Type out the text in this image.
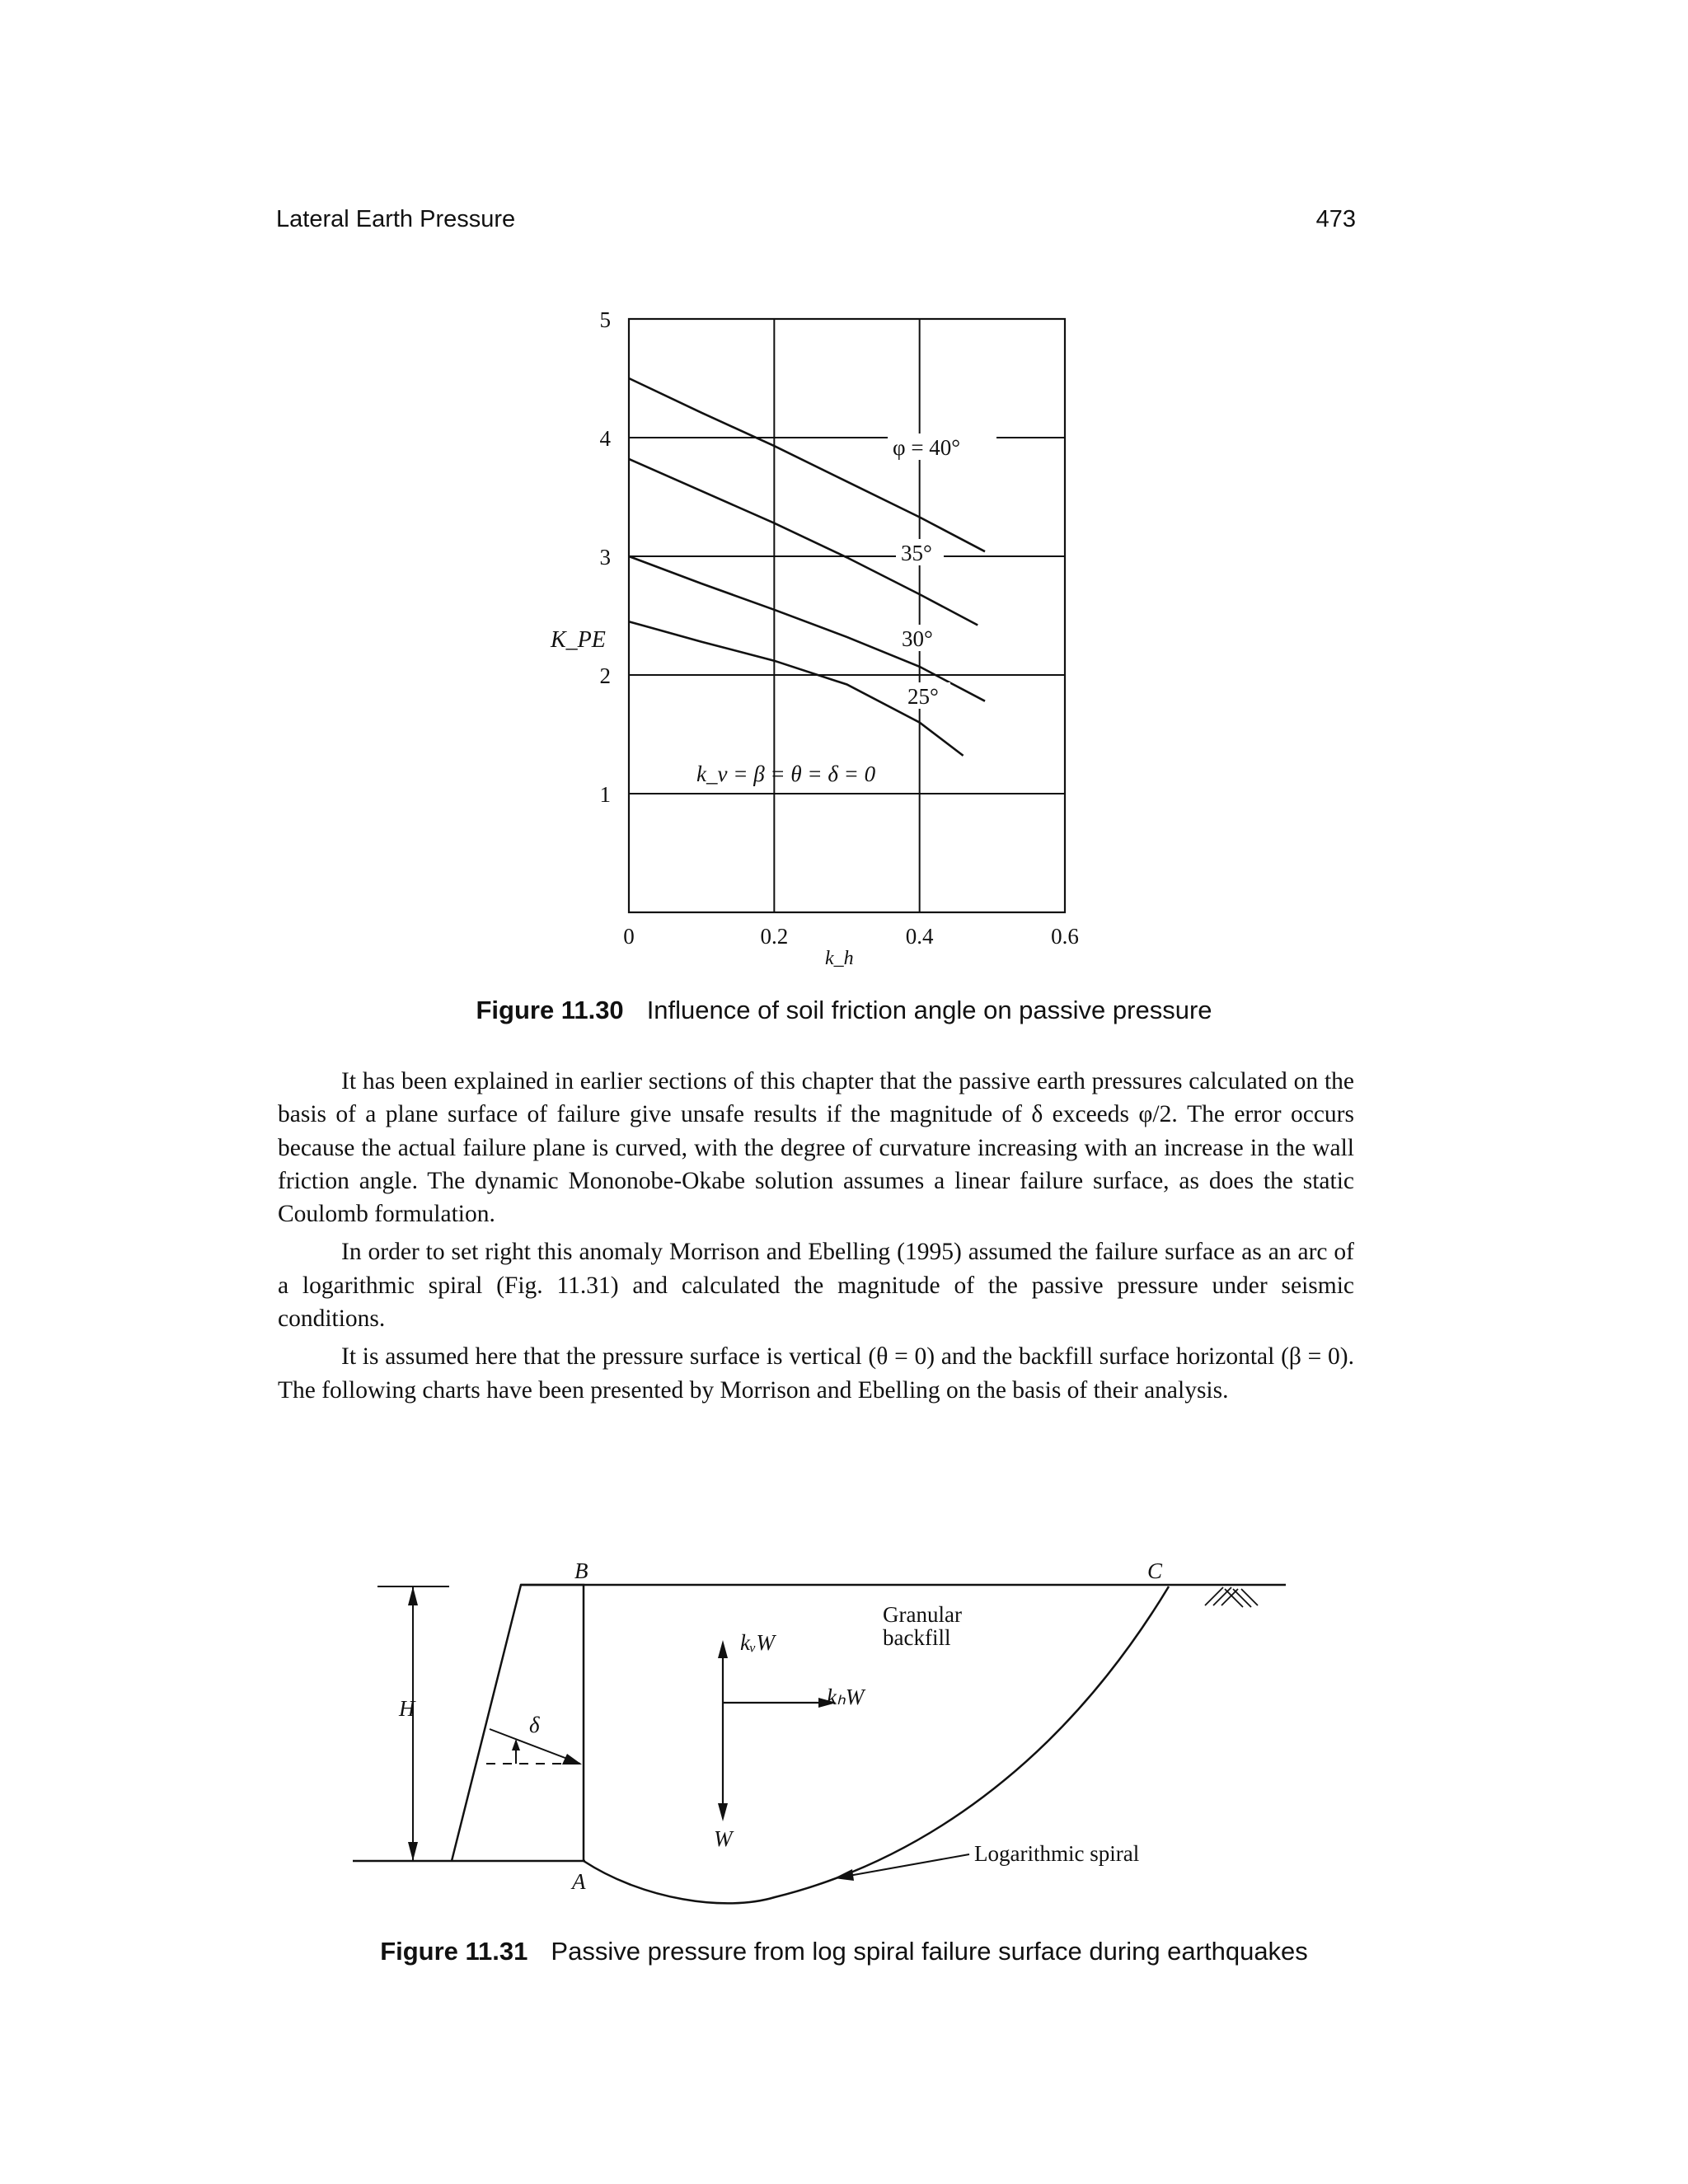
Lateral Earth Pressure	473
1
2
3
4
5
0	0.2	0.4	0.6
φ = 40°
35°
30°
25°
K_PE
k_h
k_v = β = θ = δ = 0
Figure 11.30 Influence of soil friction angle on passive pressure

It has been explained in earlier sections of this chapter that the passive earth pressures calculated on the basis of a plane surface of failure give unsafe results if the magnitude of δ exceeds φ/2. The error occurs because the actual failure plane is curved, with the degree of curvature increasing with an increase in the wall friction angle. The dynamic Mononobe-Okabe solution assumes a linear failure surface, as does the static Coulomb formulation.

In order to set right this anomaly Morrison and Ebelling (1995) assumed the failure surface as an arc of a logarithmic spiral (Fig. 11.31) and calculated the magnitude of the passive pressure under seismic conditions.

It is assumed here that the pressure surface is vertical (θ = 0) and the backfill surface horizontal (β = 0). The following charts have been presented by Morrison and Ebelling on the basis of their analysis.

H
δ
B	C
A
kᵥW
kₕW
W
Granular
backfill
Logarithmic spiral
Figure 11.31 Passive pressure from log spiral failure surface during earthquakes
